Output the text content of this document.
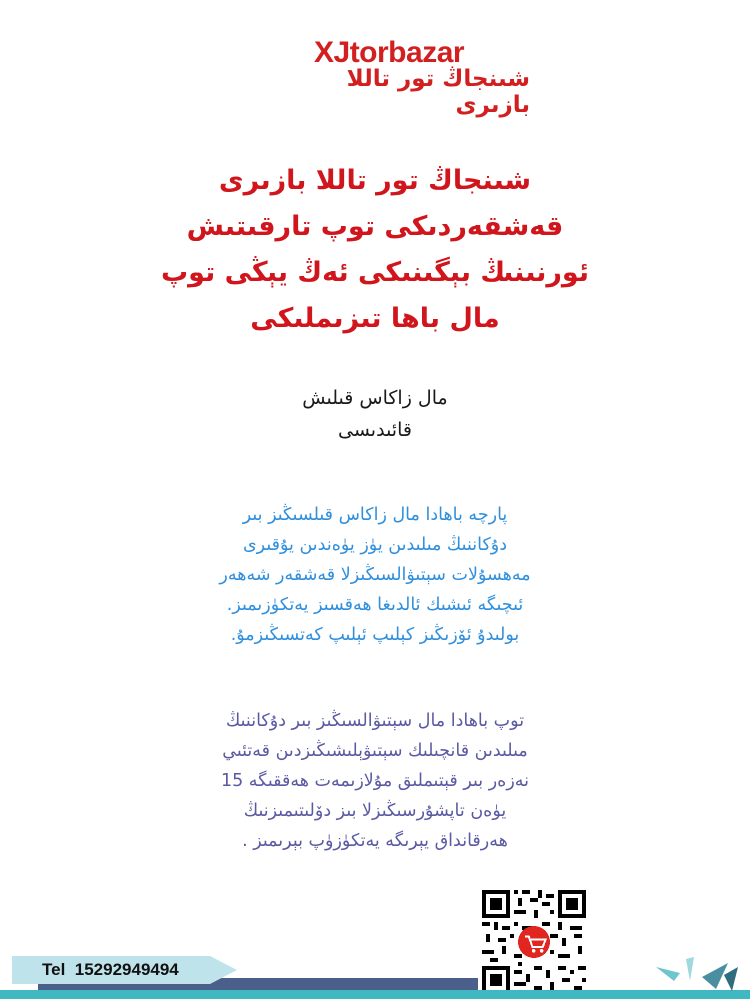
XJtorbazar
شىنجاڭ تور تاللا بازىرى
شىنجاڭ تور تاللا بازىرى
قەشقەردىكى توپ تارقىتىش
ئورنىنىڭ بېگىنىكى ئەڭ يېڭى توپ
مال باھا تىزىملىكى
مال زاكاس قىلىش
قائىدىسى
پارچە باھادا مال زاكاس قىلسىڭىز بىر
دۇكاننىڭ مىلىدىن يۈز يۈەندىن يۇقىرى
مەھسۇلات سېتىۋالسىڭىزلا قەشقەر شەھەر
ئىچىگە ئىشىك ئالدىغا ھەقسىز يەتكۈزىمىز.
بولىدۇ ئۆزىڭىز كېلىپ ئېلىپ كەتسىڭىزمۇ.
توپ باھادا مال سېتىۋالسىڭىز بىر دۇكاننىڭ
مىلىدىن قانچىلىك سېتىۋېلىشىڭىزدىن قەتئىي
نەزەر بىر قېتىملىق مۇلازىمەت ھەققىگە 15
يۈەن تاپشۇرسىڭىزلا بىز دۆلىتىمىزنىڭ
ھەرقانداق يېرىگە يەتكۈزۈپ بېرىمىز .
Tel 15292949494
